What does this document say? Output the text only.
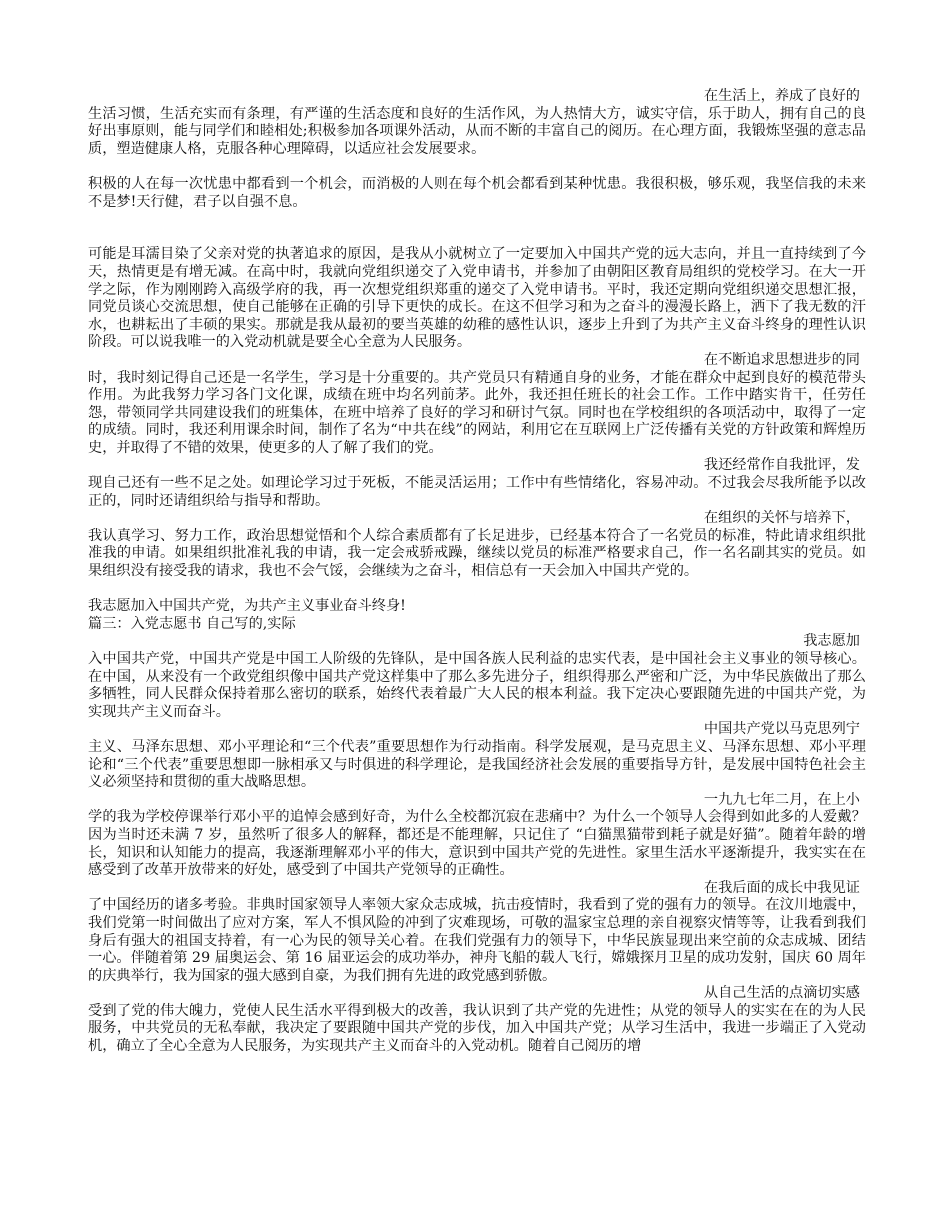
在生活上，养成了良好的
生活习惯，生活充实而有条理，有严谨的生活态度和良好的生活作风，为人热情大方，诚实守信，乐于助人，拥有自己的良好出事原则，能与同学们和睦相处;积极参加各项课外活动，从而不断的丰富自己的阅历。在心理方面，我锻炼坚强的意志品质，塑造健康人格，克服各种心理障碍，以适应社会发展要求。

积极的人在每一次忧患中都看到一个机会，而消极的人则在每个机会都看到某种忧患。我很积极，够乐观，我坚信我的未来不是梦!天行健，君子以自强不息。

可能是耳濡目染了父亲对党的执著追求的原因，是我从小就树立了一定要加入中国共产党的远大志向，并且一直持续到了今天，热情更是有增无减。在高中时，我就向党组织递交了入党申请书，并参加了由朝阳区教育局组织的党校学习。在大一开学之际，作为刚刚跨入高级学府的我，再一次想党组织郑重的递交了入党申请书。平时，我还定期向党组织递交思想汇报，同党员谈心交流思想，使自己能够在正确的引导下更快的成长。在这不但学习和为之奋斗的漫漫长路上，洒下了我无数的汗水，也耕耘出了丰硕的果实。那就是我从最初的要当英雄的幼稚的感性认识，逐步上升到了为共产主义奋斗终身的理性认识阶段。可以说我唯一的入党动机就是要全心全意为人民服务。

在不断追求思想进步的同
时，我时刻记得自己还是一名学生，学习是十分重要的。共产党员只有精通自身的业务，才能在群众中起到良好的模范带头作用。为此我努力学习各门文化课，成绩在班中均名列前茅。此外，我还担任班长的社会工作。工作中踏实肯干，任劳任怨，带领同学共同建设我们的班集体，在班中培养了良好的学习和研讨气氛。同时也在学校组织的各项活动中，取得了一定的成绩。同时，我还利用课余时间，制作了名为“中共在线”的网站，利用它在互联网上广泛传播有关党的方针政策和辉煌历史，并取得了不错的效果，使更多的人了解了我们的党。

我还经常作自我批评，发
现自己还有一些不足之处。如理论学习过于死板，不能灵活运用；工作中有些情绪化，容易冲动。不过我会尽我所能予以改正的，同时还请组织给与指导和帮助。

在组织的关怀与培养下，
我认真学习、努力工作，政治思想觉悟和个人综合素质都有了长足进步，已经基本符合了一名党员的标准，特此请求组织批准我的申请。如果组织批准礼我的申请，我一定会戒骄戒躁，继续以党员的标准严格要求自己，作一名名副其实的党员。如果组织没有接受我的请求，我也不会气馁，会继续为之奋斗，相信总有一天会加入中国共产党的。

我志愿加入中国共产党，为共产主义事业奋斗终身!

篇三：入党志愿书 自己写的,实际

我志愿加
入中国共产党，中国共产党是中国工人阶级的先锋队，是中国各族人民利益的忠实代表，是中国社会主义事业的领导核心。在中国，从来没有一个政党组织像中国共产党这样集中了那么多先进分子，组织得那么严密和广泛，为中华民族做出了那么多牺牲，同人民群众保持着那么密切的联系，始终代表着最广大人民的根本利益。我下定决心要跟随先进的中国共产党，为实现共产主义而奋斗。

中国共产党以马克思列宁
主义、马泽东思想、邓小平理论和“三个代表”重要思想作为行动指南。科学发展观，是马克思主义、马泽东思想、邓小平理论和“三个代表”重要思想即一脉相承又与时俱进的科学理论，是我国经济社会发展的重要指导方针，是发展中国特色社会主义必须坚持和贯彻的重大战略思想。

一九九七年二月，在上小
学的我为学校停课举行邓小平的追悼会感到好奇，为什么全校都沉寂在悲痛中？为什么一个领导人会得到如此多的人爱戴？因为当时还未满 7 岁，虽然听了很多人的解释，都还是不能理解，只记住了 “白猫黑猫带到耗子就是好猫”。随着年龄的增长，知识和认知能力的提高，我逐渐理解邓小平的伟大，意识到中国共产党的先进性。家里生活水平逐渐提升，我实实在在感受到了改革开放带来的好处，感受到了中国共产党领导的正确性。

在我后面的成长中我见证
了中国经历的诸多考验。非典时国家领导人率领大家众志成城，抗击疫情时，我看到了党的强有力的领导。在汶川地震中，我们党第一时间做出了应对方案，军人不惧风险的冲到了灾难现场，可敬的温家宝总理的亲自视察灾情等等，让我看到我们身后有强大的祖国支持着，有一心为民的领导关心着。在我们党强有力的领导下，中华民族显现出来空前的众志成城、团结一心。伴随着第 29 届奥运会、第 16 届亚运会的成功举办，神舟飞船的载人飞行，嫦娥探月卫星的成功发射，国庆 60 周年的庆典举行，我为国家的强大感到自豪，为我们拥有先进的政党感到骄傲。

从自己生活的点滴切实感
受到了党的伟大魄力，党使人民生活水平得到极大的改善，我认识到了共产党的先进性；从党的领导人的实实在在的为人民服务，中共党员的无私奉献，我决定了要跟随中国共产党的步伐，加入中国共产党；从学习生活中，我进一步端正了入党动机，确立了全心全意为人民服务，为实现共产主义而奋斗的入党动机。随着自己阅历的增
